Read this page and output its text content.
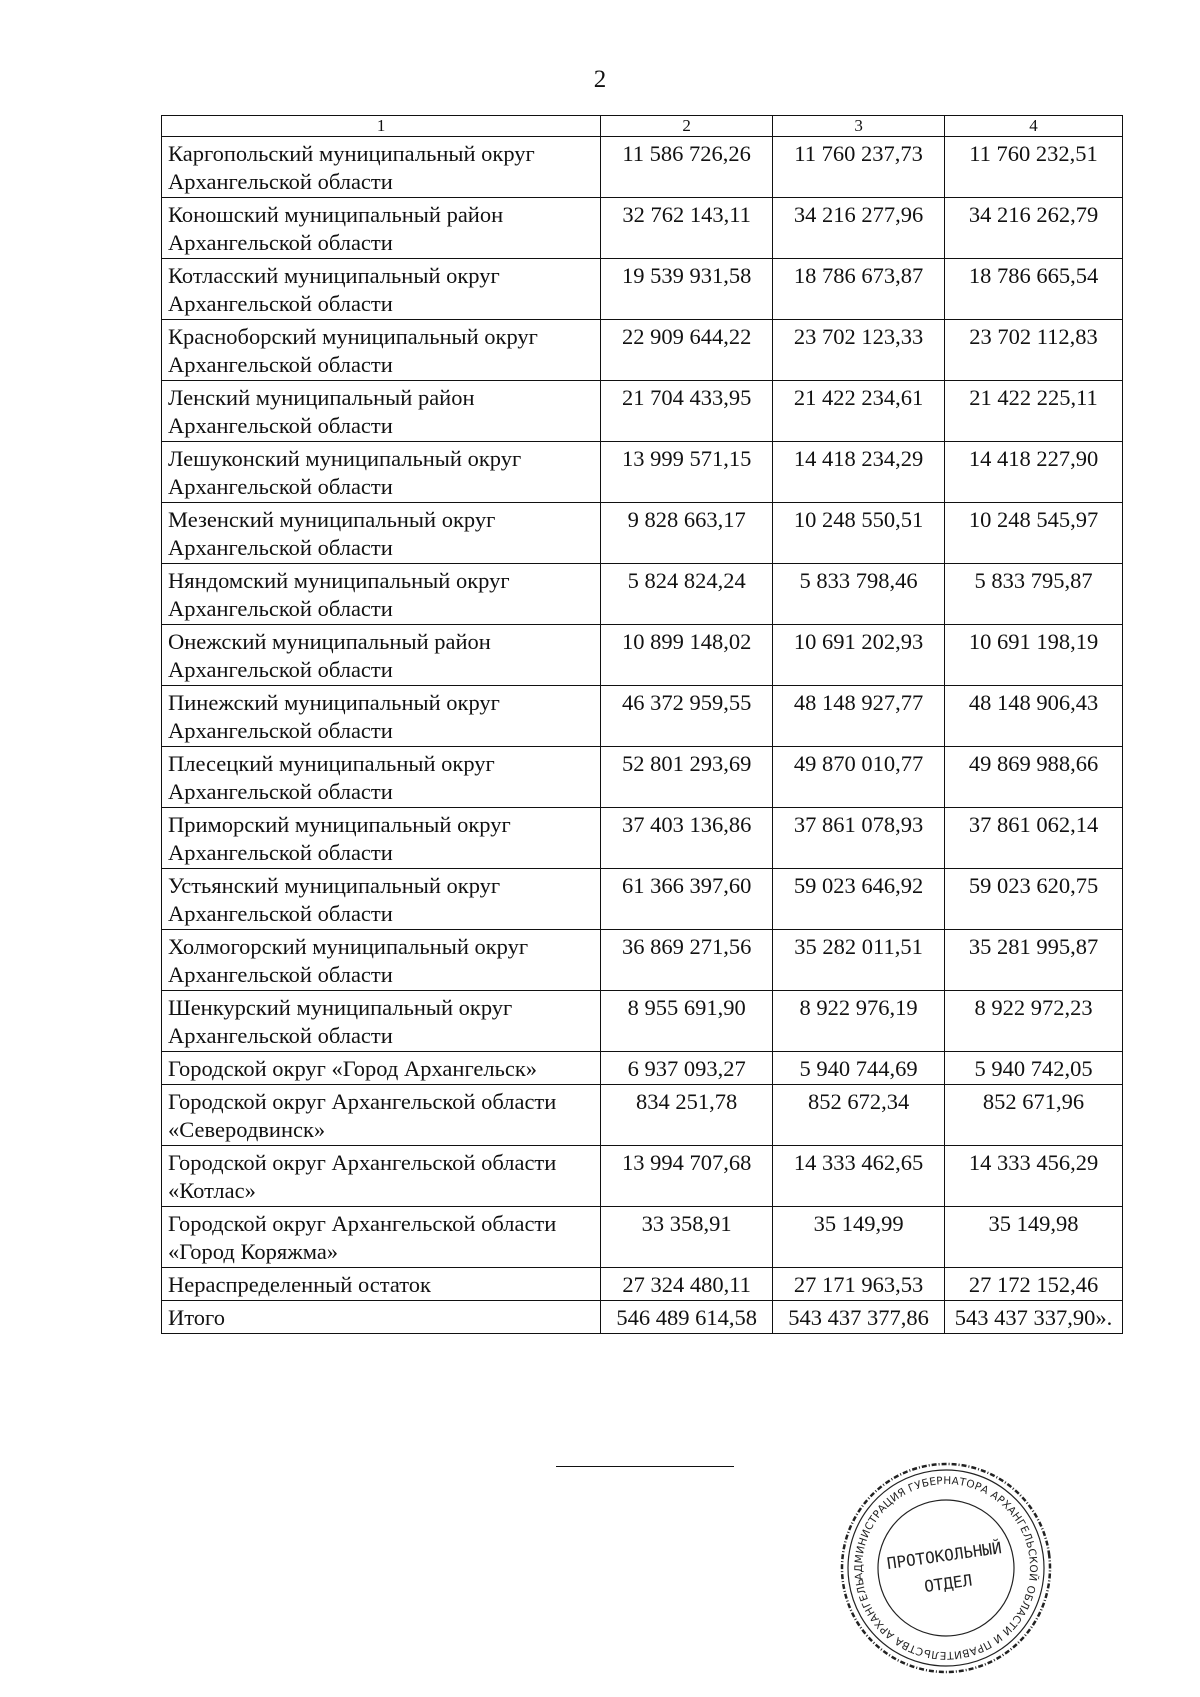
2
1	2	3	4
Каргопольский муниципальный округ
Архангельской области	11 586 726,26	11 760 237,73	11 760 232,51
Коношский муниципальный район
Архангельской области	32 762 143,11	34 216 277,96	34 216 262,79
Котласский муниципальный округ
Архангельской области	19 539 931,58	18 786 673,87	18 786 665,54
Красноборский муниципальный округ
Архангельской области	22 909 644,22	23 702 123,33	23 702 112,83
Ленский муниципальный район
Архангельской области	21 704 433,95	21 422 234,61	21 422 225,11
Лешуконский муниципальный округ
Архангельской области	13 999 571,15	14 418 234,29	14 418 227,90
Мезенский муниципальный округ
Архангельской области	9 828 663,17	10 248 550,51	10 248 545,97
Няндомский муниципальный округ
Архангельской области	5 824 824,24	5 833 798,46	5 833 795,87
Онежский муниципальный район
Архангельской области	10 899 148,02	10 691 202,93	10 691 198,19
Пинежский муниципальный округ
Архангельской области	46 372 959,55	48 148 927,77	48 148 906,43
Плесецкий муниципальный округ
Архангельской области	52 801 293,69	49 870 010,77	49 869 988,66
Приморский муниципальный округ
Архангельской области	37 403 136,86	37 861 078,93	37 861 062,14
Устьянский муниципальный округ
Архангельской области	61 366 397,60	59 023 646,92	59 023 620,75
Холмогорский муниципальный округ
Архангельской области	36 869 271,56	35 282 011,51	35 281 995,87
Шенкурский муниципальный округ
Архангельской области	8 955 691,90	8 922 976,19	8 922 972,23
Городской округ «Город Архангельск»	6 937 093,27	5 940 744,69	5 940 742,05
Городской округ Архангельской области
«Северодвинск»	834 251,78	852 672,34	852 671,96
Городской округ Архангельской области
«Котлас»	13 994 707,68	14 333 462,65	14 333 456,29
Городской округ Архангельской области
«Город Коряжма»	33 358,91	35 149,99	35 149,98
Нераспределенный остаток	27 324 480,11	27 171 963,53	27 172 152,46
Итого	546 489 614,58	543 437 377,86	543 437 337,90».
АДМИНИСТРАЦИЯ ГУБЕРНАТОРА АРХАНГЕЛЬСКОЙ ОБЛАСТИ И ПРАВИТЕЛЬСТВА АРХАНГЕЛЬСКОЙ
ПРОТОКОЛЬНЫЙ
ОТДЕЛ
